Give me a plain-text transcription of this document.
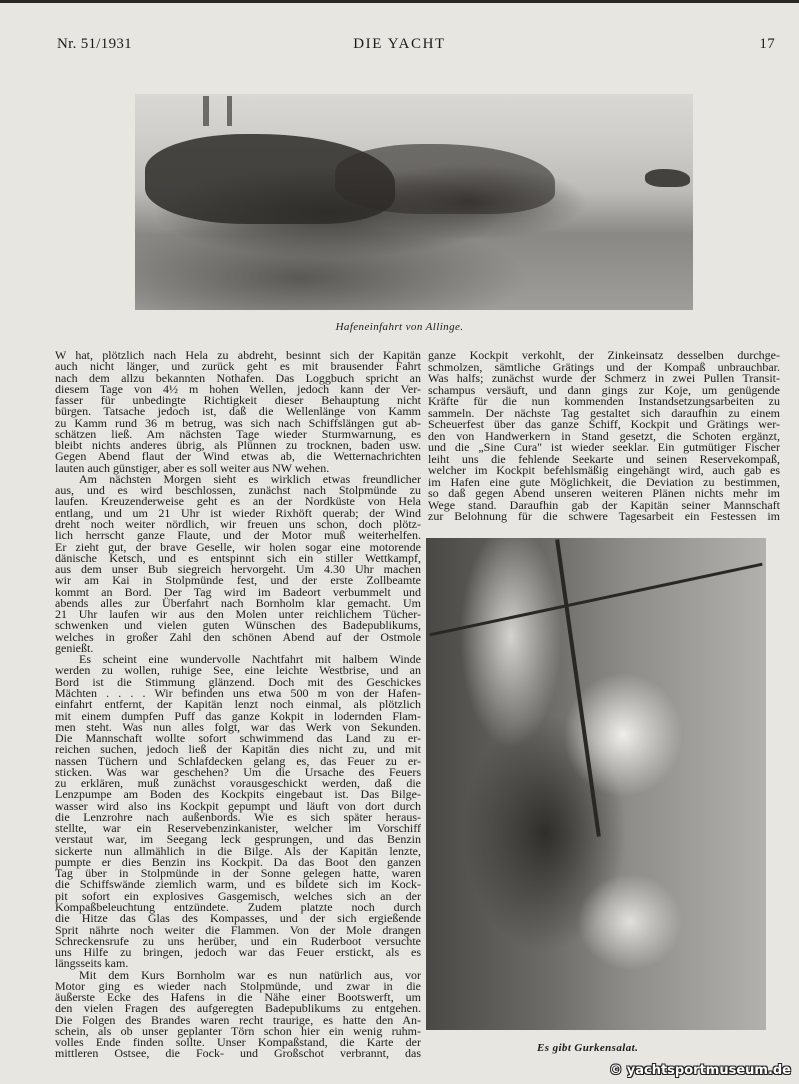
Nr. 51/1931	DIE YACHT	17
Hafeneinfahrt von Allinge.
W hat, plötzlich nach Hela zu abdreht, besinnt sich der Kapitän
auch nicht länger, und zurück geht es mit brausender Fahrt
nach dem allzu bekannten Nothafen. Das Loggbuch spricht an
diesem Tage von 4½ m hohen Wellen, jedoch kann der Ver-
fasser für unbedingte Richtigkeit dieser Behauptung nicht
bürgen. Tatsache jedoch ist, daß die Wellenlänge von Kamm
zu Kamm rund 36 m betrug, was sich nach Schiffslängen gut ab-
schätzen ließ. Am nächsten Tage wieder Sturmwarnung, es
bleibt nichts anderes übrig, als Plünnen zu trocknen, baden usw.
Gegen Abend flaut der Wind etwas ab, die Wetternachrichten
lauten auch günstiger, aber es soll weiter aus NW wehen.
Am nächsten Morgen sieht es wirklich etwas freundlicher
aus, und es wird beschlossen, zunächst nach Stolpmünde zu
laufen. Kreuzenderweise geht es an der Nordküste von Hela
entlang, und um 21 Uhr ist wieder Rixhöft querab; der Wind
dreht noch weiter nördlich, wir freuen uns schon, doch plötz-
lich herrscht ganze Flaute, und der Motor muß weiterhelfen.
Er zieht gut, der brave Geselle, wir holen sogar eine motorende
dänische Ketsch, und es entspinnt sich ein stiller Wettkampf,
aus dem unser Bub siegreich hervorgeht. Um 4.30 Uhr machen
wir am Kai in Stolpmünde fest, und der erste Zollbeamte
kommt an Bord. Der Tag wird im Badeort verbummelt und
abends alles zur Überfahrt nach Bornholm klar gemacht. Um
21 Uhr laufen wir aus den Molen unter reichlichem Tücher-
schwenken und vielen guten Wünschen des Badepublikums,
welches in großer Zahl den schönen Abend auf der Ostmole
genießt.
Es scheint eine wundervolle Nachtfahrt mit halbem Winde
werden zu wollen, ruhige See, eine leichte Westbrise, und an
Bord ist die Stimmung glänzend. Doch mit des Geschickes
Mächten . . . . Wir befinden uns etwa 500 m von der Hafen-
einfahrt entfernt, der Kapitän lenzt noch einmal, als plötzlich
mit einem dumpfen Puff das ganze Kokpit in lodernden Flam-
men steht. Was nun alles folgt, war das Werk von Sekunden.
Die Mannschaft wollte sofort schwimmend das Land zu er-
reichen suchen, jedoch ließ der Kapitän dies nicht zu, und mit
nassen Tüchern und Schlafdecken gelang es, das Feuer zu er-
sticken. Was war geschehen? Um die Ursache des Feuers
zu erklären, muß zunächst vorausgeschickt werden, daß die
Lenzpumpe am Boden des Kockpits eingebaut ist. Das Bilge-
wasser wird also ins Kockpit gepumpt und läuft von dort durch
die Lenzrohre nach außenbords. Wie es sich später heraus-
stellte, war ein Reservebenzinkanister, welcher im Vorschiff
verstaut war, im Seegang leck gesprungen, und das Benzin
sickerte nun allmählich in die Bilge. Als der Kapitän lenzte,
pumpte er dies Benzin ins Kockpit. Da das Boot den ganzen
Tag über in Stolpmünde in der Sonne gelegen hatte, waren
die Schiffswände ziemlich warm, und es bildete sich im Kock-
pit sofort ein explosives Gasgemisch, welches sich an der
Kompaßbeleuchtung entzündete. Zudem platzte noch durch
die Hitze das Glas des Kompasses, und der sich ergießende
Sprit nährte noch weiter die Flammen. Von der Mole drangen
Schreckensrufe zu uns herüber, und ein Ruderboot versuchte
uns Hilfe zu bringen, jedoch war das Feuer erstickt, als es
längsseits kam.
Mit dem Kurs Bornholm war es nun natürlich aus, vor
Motor ging es wieder nach Stolpmünde, und zwar in die
äußerste Ecke des Hafens in die Nähe einer Bootswerft, um
den vielen Fragen des aufgeregten Badepublikums zu entgehen.
Die Folgen des Brandes waren recht traurige, es hatte den An-
schein, als ob unser geplanter Törn schon hier ein wenig ruhm-
volles Ende finden sollte. Unser Kompaßstand, die Karte der
mittleren Ostsee, die Fock- und Großschot verbrannt, das
ganze Kockpit verkohlt, der Zinkeinsatz desselben durchge-
schmolzen, sämtliche Grätings und der Kompaß unbrauchbar.
Was halfs; zunächst wurde der Schmerz in zwei Pullen Transit-
schampus versäuft, und dann gings zur Koje, um genügende
Kräfte für die nun kommenden Instandsetzungsarbeiten zu
sammeln. Der nächste Tag gestaltet sich daraufhin zu einem
Scheuerfest über das ganze Schiff, Kockpit und Grätings wer-
den von Handwerkern in Stand gesetzt, die Schoten ergänzt,
und die „Sine Cura" ist wieder seeklar. Ein gutmütiger Fischer
leiht uns die fehlende Seekarte und seinen Reservekompaß,
welcher im Kockpit befehlsmäßig eingehängt wird, auch gab es
im Hafen eine gute Möglichkeit, die Deviation zu bestimmen,
so daß gegen Abend unseren weiteren Plänen nichts mehr im
Wege stand. Daraufhin gab der Kapitän seiner Mannschaft
zur Belohnung für die schwere Tagesarbeit ein Festessen im
Es gibt Gurkensalat.
© yachtsportmuseum.de
